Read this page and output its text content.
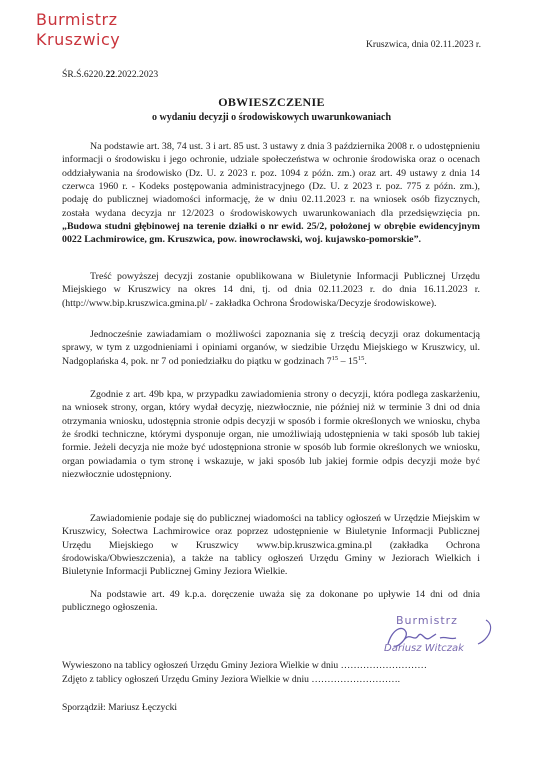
Burmistrz
Kruszwicy	Kruszwica, dnia 02.11.2023 r.
ŚR.Ś.6220.22.2022.2023
OBWIESZCZENIE
o wydaniu decyzji o środowiskowych uwarunkowaniach
Na podstawie art. 38, 74 ust. 3 i art. 85 ust. 3 ustawy z dnia 3 października 2008 r. o udostępnieniu informacji o środowisku i jego ochronie, udziale społeczeństwa w ochronie środowiska oraz o ocenach oddziaływania na środowisko (Dz. U. z 2023 r. poz. 1094 z późn. zm.) oraz art. 49 ustawy z dnia 14 czerwca 1960 r. - Kodeks postępowania administracyjnego (Dz. U. z 2023 r. poz. 775 z późn. zm.), podaję do publicznej wiadomości informację, że w dniu 02.11.2023 r. na wniosek osób fizycznych, została wydana decyzja nr 12/2023 o środowiskowych uwarunkowaniach dla przedsięwzięcia pn. „Budowa studni głębinowej na terenie działki o nr ewid. 25/2, położonej w obrębie ewidencyjnym 0022 Lachmirowice, gm. Kruszwica, pow. inowrocławski, woj. kujawsko-pomorskie”.
Treść powyższej decyzji zostanie opublikowana w Biuletynie Informacji Publicznej Urzędu Miejskiego w Kruszwicy na okres 14 dni, tj. od dnia 02.11.2023 r. do dnia 16.11.2023 r. (http://www.bip.kruszwica.gmina.pl/ - zakładka Ochrona Środowiska/Decyzje środowiskowe).
Jednocześnie zawiadamiam o możliwości zapoznania się z treścią decyzji oraz dokumentacją sprawy, w tym z uzgodnieniami i opiniami organów, w siedzibie Urzędu Miejskiego w Kruszwicy, ul. Nadgoplańska 4, pok. nr 7 od poniedziałku do piątku w godzinach $7^{15} - 15^{15}$.
Zgodnie z art. 49b kpa, w przypadku zawiadomienia strony o decyzji, która podlega zaskarżeniu, na wniosek strony, organ, który wydał decyzję, niezwłocznie, nie później niż w terminie 3 dni od dnia otrzymania wniosku, udostępnia stronie odpis decyzji w sposób i formie określonych we wniosku, chyba że środki techniczne, którymi dysponuje organ, nie umożliwiają udostępnienia w taki sposób lub takiej formie. Jeżeli decyzja nie może być udostępniona stronie w sposób lub formie określonych we wniosku, organ powiadamia o tym stronę i wskazuje, w jaki sposób lub jakiej formie odpis decyzji może być niezwłocznie udostępniony.
Zawiadomienie podaje się do publicznej wiadomości na tablicy ogłoszeń w Urzędzie Miejskim w Kruszwicy, Sołectwa Lachmirowice oraz poprzez udostępnienie w Biuletynie Informacji Publicznej Urzędu Miejskiego w Kruszwicy www.bip.kruszwica.gmina.pl (zakładka Ochrona środowiska/Obwieszczenia), a także na tablicy ogłoszeń Urzędu Gminy w Jeziorach Wielkich i Biuletynie Informacji Publicznej Gminy Jeziora Wielkie.
Na podstawie art. 49 k.p.a. doręczenie uważa się za dokonane po upływie 14 dni od dnia publicznego ogłoszenia.
Burmistrz
Dariusz Witczak
Wywieszono na tablicy ogłoszeń Urzędu Gminy Jeziora Wielkie w dniu ………………………
Zdjęto z tablicy ogłoszeń Urzędu Gminy Jeziora Wielkie w dniu ……………………….
Sporządził: Mariusz Łęczycki
